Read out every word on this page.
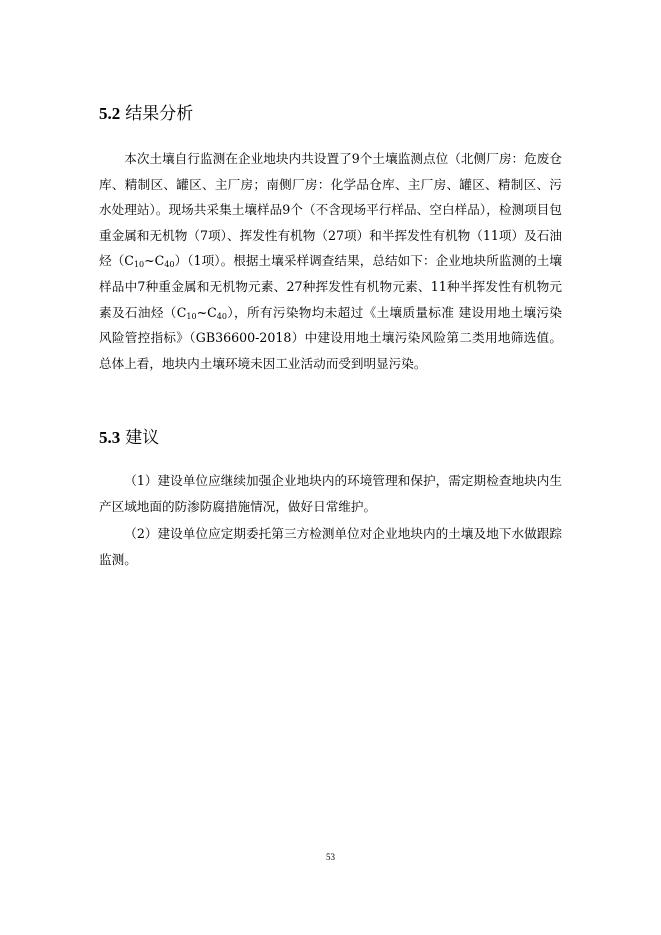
5.2 结果分析

本次土壤自行监测在企业地块内共设置了9个土壤监测点位（北侧厂房：危废仓库、精制区、罐区、主厂房；南侧厂房：化学品仓库、主厂房、罐区、精制区、污水处理站）。现场共采集土壤样品9个（不含现场平行样品、空白样品），检测项目包重金属和无机物（7项）、挥发性有机物（27项）和半挥发性有机物（11项）及石油烃$(C_{10}\sim C_{40})(1$项）。根据土壤采样调查结果，总结如下：企业地块所监测的土壤样品中7种重金属和无机物元素、27种挥发性有机物元素、11种半挥发性有机物元素及石油烃$(C_{10}\sim C_{40})$，所有污染物均未超过《土壤质量标准 建设用地土壤污染风险管控指标》（GB36600-2018）中建设用地土壤污染风险第二类用地筛选值。总体上看，地块内土壤环境未因工业活动而受到明显污染。

5.3 建议

（1）建设单位应继续加强企业地块内的环境管理和保护，需定期检查地块内生产区域地面的防渗防腐措施情况，做好日常维护。

（2）建设单位应定期委托第三方检测单位对企业地块内的土壤及地下水做跟踪监测。

53
